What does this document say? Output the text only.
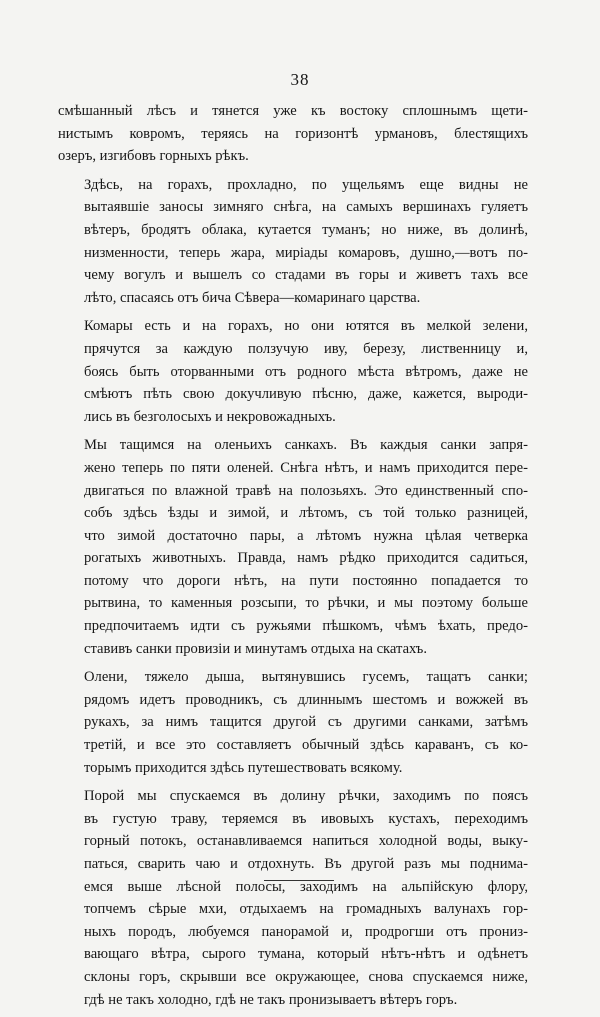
38

смѣшанный лѣсъ и тянется уже къ востоку сплошнымъ щети-
нистымъ ковромъ, теряясь на горизонтѣ урмановъ, блестящихъ
озеръ, изгибовъ горныхъ рѣкъ.

Здѣсь, на горахъ, прохладно, по ущельямъ еще видны не
вытаявшіе заносы зимняго снѣга, на самыхъ вершинахъ гуляетъ
вѣтеръ, бродятъ облака, кутается туманъ; но ниже, въ долинѣ,
низменности, теперь жара, миріады комаровъ, душно,—вотъ по-
чему вогулъ и вышелъ со стадами въ горы и живетъ тахъ все
лѣто, спасаясь отъ бича Сѣвера—комаринаго царства.

Комары есть и на горахъ, но они ютятся въ мелкой зелени,
прячутся за каждую ползучую иву, березу, лиственницу и,
боясь быть оторванными отъ родного мѣста вѣтромъ, даже не
смѣютъ пѣть свою докучливую пѣсню, даже, кажется, выроди-
лись въ безголосыхъ и некровожадныхъ.

Мы тащимся на оленьихъ санкахъ. Въ каждыя санки запря-
жено теперь по пяти оленей. Снѣга нѣтъ, и намъ приходится пере-
двигаться по влажной травѣ на полозьяхъ. Это единственный спо-
собъ здѣсь ѣзды и зимой, и лѣтомъ, съ той только разницей,
что зимой достаточно пары, а лѣтомъ нужна цѣлая четверка
рогатыхъ животныхъ. Правда, намъ рѣдко приходится садиться,
потому что дороги нѣтъ, на пути постоянно попадается то
рытвина, то каменныя розсыпи, то рѣчки, и мы поэтому больше
предпочитаемъ идти съ ружьями пѣшкомъ, чѣмъ ѣхать, предо-
ставивъ санки провизіи и минутамъ отдыха на скатахъ.

Олени, тяжело дыша, вытянувшись гусемъ, тащатъ санки;
рядомъ идетъ проводникъ, съ длиннымъ шестомъ и вожжей въ
рукахъ, за нимъ тащится другой съ другими санками, затѣмъ
третій, и все это составляетъ обычный здѣсь караванъ, съ ко-
торымъ приходится здѣсь путешествовать всякому.

Порой мы спускаемся въ долину рѣчки, заходимъ по поясъ
въ густую траву, теряемся въ ивовыхъ кустахъ, переходимъ
горный потокъ, останавливаемся напиться холодной воды, выку-
паться, сварить чаю и отдохнуть. Въ другой разъ мы поднима-
емся выше лѣсной полосы, заходимъ на альпійскую флору,
топчемъ сѣрые мхи, отдыхаемъ на громадныхъ валунахъ гор-
ныхъ породъ, любуемся панорамой и, продрогши отъ прониз-
вающаго вѣтра, сырого тумана, который нѣтъ-нѣтъ и одѣнетъ
склоны горъ, скрывши все окружающее, снова спускаемся ниже,
гдѣ не такъ холодно, гдѣ не такъ пронизываетъ вѣтеръ горъ.
